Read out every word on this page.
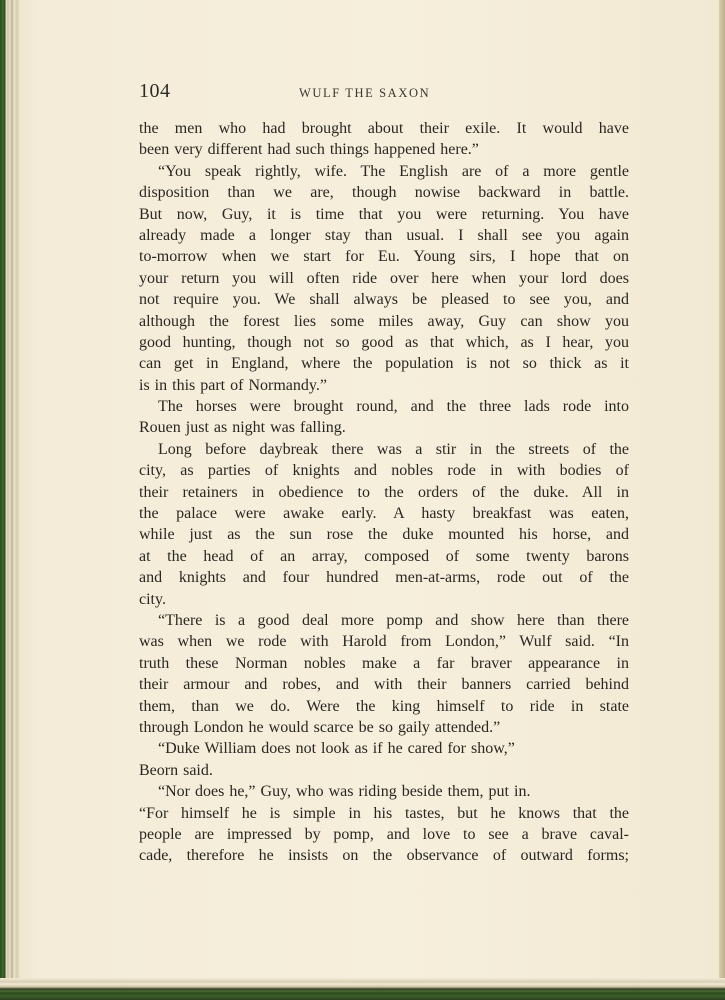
104	WULF THE SAXON
the men who had brought about their exile. It would have
been very different had such things happened here.”
“You speak rightly, wife. The English are of a more gentle
disposition than we are, though nowise backward in battle.
But now, Guy, it is time that you were returning. You have
already made a longer stay than usual. I shall see you again
to-morrow when we start for Eu. Young sirs, I hope that on
your return you will often ride over here when your lord does
not require you. We shall always be pleased to see you, and
although the forest lies some miles away, Guy can show you
good hunting, though not so good as that which, as I hear, you
can get in England, where the population is not so thick as it
is in this part of Normandy.”
The horses were brought round, and the three lads rode into
Rouen just as night was falling.
Long before daybreak there was a stir in the streets of the
city, as parties of knights and nobles rode in with bodies of
their retainers in obedience to the orders of the duke. All in
the palace were awake early. A hasty breakfast was eaten,
while just as the sun rose the duke mounted his horse, and
at the head of an array, composed of some twenty barons
and knights and four hundred men-at-arms, rode out of the
city.
“There is a good deal more pomp and show here than there
was when we rode with Harold from London,” Wulf said. “In
truth these Norman nobles make a far braver appearance in
their armour and robes, and with their banners carried behind
them, than we do. Were the king himself to ride in state
through London he would scarce be so gaily attended.”
“Duke William does not look as if he cared for show,”
Beorn said.
“Nor does he,” Guy, who was riding beside them, put in.
“For himself he is simple in his tastes, but he knows that the
people are impressed by pomp, and love to see a brave caval-
cade, therefore he insists on the observance of outward forms;
